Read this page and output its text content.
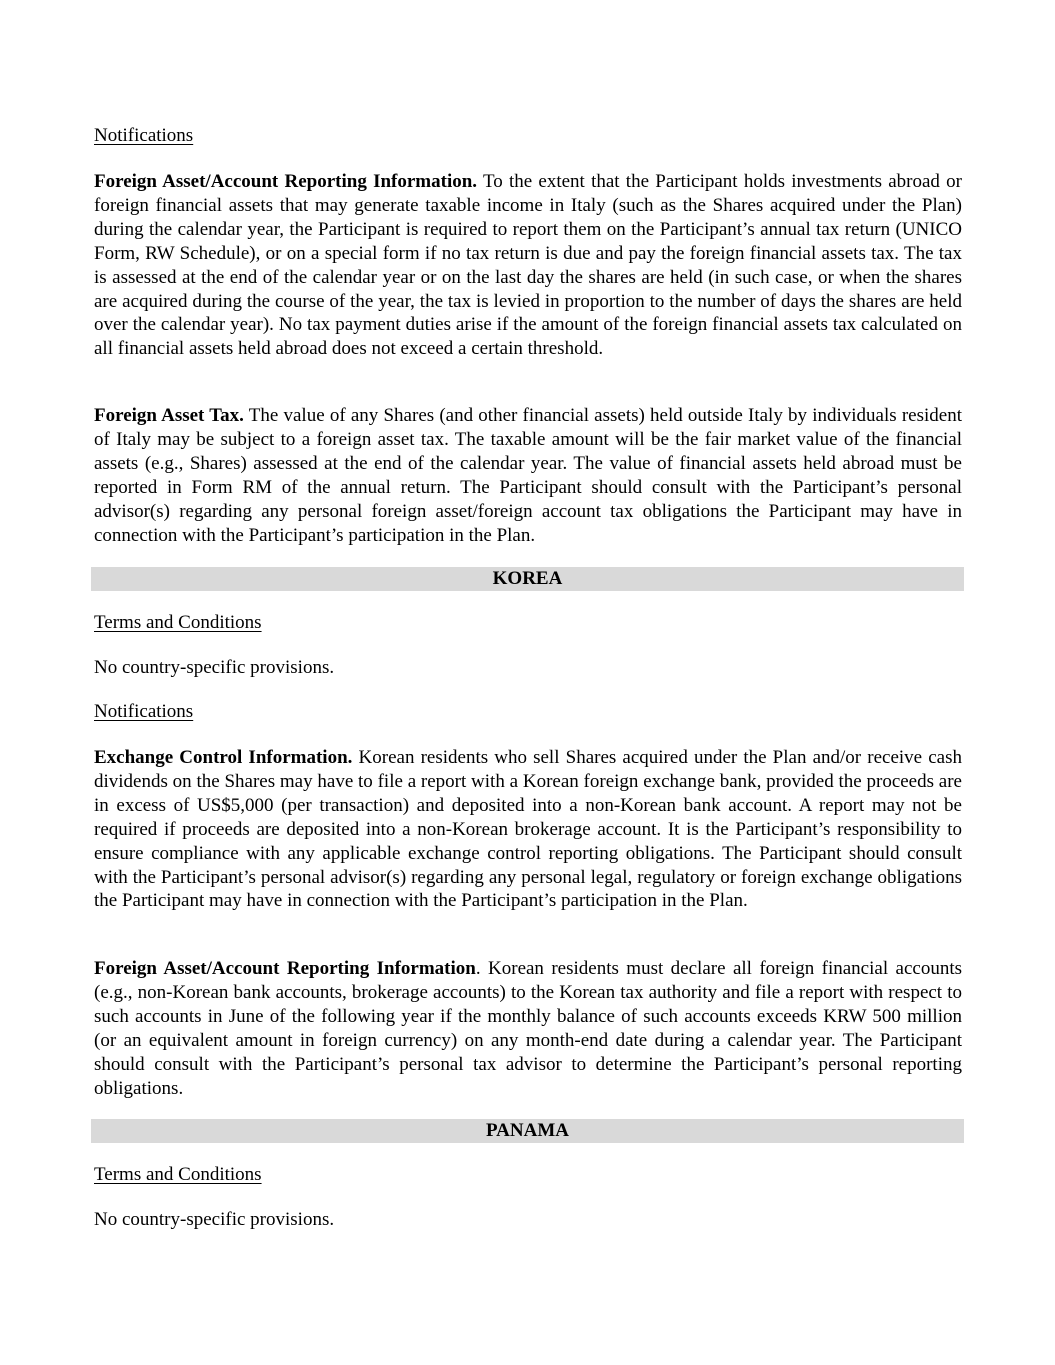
Notifications

Foreign Asset/Account Reporting Information. To the extent that the Participant holds investments abroad or foreign financial assets that may generate taxable income in Italy (such as the Shares acquired under the Plan) during the calendar year, the Participant is required to report them on the Participant’s annual tax return (UNICO Form, RW Schedule), or on a special form if no tax return is due and pay the foreign financial assets tax. The tax is assessed at the end of the calendar year or on the last day the shares are held (in such case, or when the shares are acquired during the course of the year, the tax is levied in proportion to the number of days the shares are held over the calendar year). No tax payment duties arise if the amount of the foreign financial assets tax calculated on all financial assets held abroad does not exceed a certain threshold.

Foreign Asset Tax. The value of any Shares (and other financial assets) held outside Italy by individuals resident of Italy may be subject to a foreign asset tax. The taxable amount will be the fair market value of the financial assets (e.g., Shares) assessed at the end of the calendar year. The value of financial assets held abroad must be reported in Form RM of the annual return. The Participant should consult with the Participant’s personal advisor(s) regarding any personal foreign asset/foreign account tax obligations the Participant may have in connection with the Participant’s participation in the Plan.

KOREA

Terms and Conditions

No country-specific provisions.

Notifications

Exchange Control Information. Korean residents who sell Shares acquired under the Plan and/or receive cash dividends on the Shares may have to file a report with a Korean foreign exchange bank, provided the proceeds are in excess of US$5,000 (per transaction) and deposited into a non-Korean bank account. A report may not be required if proceeds are deposited into a non-Korean brokerage account. It is the Participant’s responsibility to ensure compliance with any applicable exchange control reporting obligations. The Participant should consult with the Participant’s personal advisor(s) regarding any personal legal, regulatory or foreign exchange obligations the Participant may have in connection with the Participant’s participation in the Plan.

Foreign Asset/Account Reporting Information. Korean residents must declare all foreign financial accounts (e.g., non-Korean bank accounts, brokerage accounts) to the Korean tax authority and file a report with respect to such accounts in June of the following year if the monthly balance of such accounts exceeds KRW 500 million (or an equivalent amount in foreign currency) on any month-end date during a calendar year. The Participant should consult with the Participant’s personal tax advisor to determine the Participant’s personal reporting obligations.

PANAMA

Terms and Conditions

No country-specific provisions.
